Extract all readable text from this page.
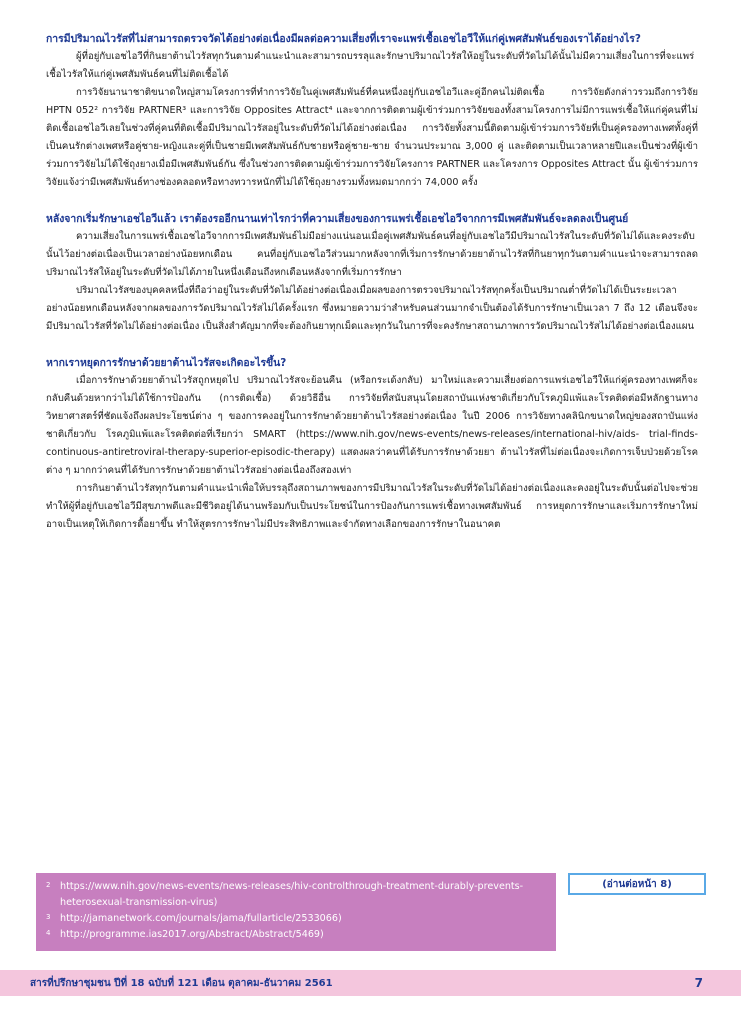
การมีปริมาณไวรัสที่ไม่สามารถตรวจวัดได้อย่างต่อเนื่องมีผลต่อความเสี่ยงที่เราจะแพร่เชื้อเอชไอวีให้แก่คู่เพศสัมพันธ์ของเราได้อย่างไร?

ผู้ที่อยู่กับเอชไอวีที่กินยาต้านไวรัสทุกวันตามคำแนะนำและสามารถบรรลุและรักษาปริมาณไวรัสให้อยู่ในระดับที่วัดไม่ได้นั้นไม่มีความเสี่ยงในการที่จะแพร่เชื้อไวรัสให้แก่คู่เพศสัมพันธ์คนที่ไม่ติดเชื้อได้

การวิจัยนานาชาติขนาดใหญ่สามโครงการที่ทำการวิจัยในคู่เพศสัมพันธ์ที่คนหนึ่งอยู่กับเอชไอวีและคู่อีกคนไม่ติดเชื้อ การวิจัยดังกล่าวรวมถึงการวิจัย HPTN 052² การวิจัย PARTNER³ และการวิจัย Opposites Attract⁴ และจากการติดตามผู้เข้าร่วมการวิจัยของทั้งสามโครงการไม่มีการแพร่เชื้อให้แก่คู่คนที่ไม่ติดเชื้อเอชไอวีเลยในช่วงที่คู่คนที่ติดเชื้อมีปริมาณไวรัสอยู่ในระดับที่วัดไม่ได้อย่างต่อเนื่อง การวิจัยทั้งสามนี้ติดตามผู้เข้าร่วมการวิจัยที่เป็นคู่ครองทางเพศทั้งคู่ที่เป็นคนรักต่างเพศหรือคู่ชาย-หญิงและคู่ที่เป็นชายมีเพศสัมพันธ์กับชายหรือคู่ชาย-ชาย จำนวนประมาณ 3,000 คู่ และติดตามเป็นเวลาหลายปีและเป็นช่วงที่ผู้เข้าร่วมการวิจัยไม่ได้ใช้ถุงยางเมื่อมีเพศสัมพันธ์กัน ซึ่งในช่วงการติดตามผู้เข้าร่วมการวิจัยโครงการ PARTNER และโครงการ Opposites Attract นั้น ผู้เข้าร่วมการวิจัยแจ้งว่ามีเพศสัมพันธ์ทางช่องคลอดหรือทางทวารหนักที่ไม่ได้ใช้ถุงยางรวมทั้งหมดมากกว่า 74,000 ครั้ง

หลังจากเริ่มรักษาเอชไอวีแล้ว เราต้องรออีกนานเท่าไรกว่าที่ความเสี่ยงของการแพร่เชื้อเอชไอวีจากการมีเพศสัมพันธ์จะลดลงเป็นศูนย์

ความเสี่ยงในการแพร่เชื้อเอชไอวีจากการมีเพศสัมพันธ์ไม่มีอย่างแน่นอนเมื่อคู่เพศสัมพันธ์คนที่อยู่กับเอชไอวีมีปริมาณไวรัสในระดับที่วัดไม่ได้และคงระดับนั้นไว้อย่างต่อเนื่องเป็นเวลาอย่างน้อยหกเดือน คนที่อยู่กับเอชไอวีส่วนมากหลังจากที่เริ่มการรักษาด้วยยาต้านไวรัสที่กินยาทุกวันตามคำแนะนำจะสามารถลดปริมาณไวรัสให้อยู่ในระดับที่วัดไม่ได้ภายในหนึ่งเดือนถึงหกเดือนหลังจากที่เริ่มการรักษา

ปริมาณไวรัสของบุคคลหนึ่งที่ถือว่าอยู่ในระดับที่วัดไม่ได้อย่างต่อเนื่องเมื่อผลของการตรวจปริมาณไวรัสทุกครั้งเป็นปริมาณต่ำที่วัดไม่ได้เป็นระยะเวลาอย่างน้อยหกเดือนหลังจากผลของการวัดปริมาณไวรัสไม่ได้ครั้งแรก ซึ่งหมายความว่าสำหรับคนส่วนมากจำเป็นต้องได้รับการรักษาเป็นเวลา 7 ถึง 12 เดือนจึงจะมีปริมาณไวรัสที่วัดไม่ได้อย่างต่อเนื่อง เป็นสิ่งสำคัญมากที่จะต้องกินยาทุกเม็ดและทุกวันในการที่จะคงรักษาสถานภาพการวัดปริมาณไวรัสไม่ได้อย่างต่อเนื่องแผน

หากเราหยุดการรักษาด้วยยาต้านไวรัสจะเกิดอะไรขึ้น?

เมื่อการรักษาด้วยยาต้านไวรัสถูกหยุดไป ปริมาณไวรัสจะย้อนคืน (หรือกระเด้งกลับ) มาใหม่และความเสี่ยงต่อการแพร่เอชไอวีให้แก่คู่ครองทางเพศก็จะกลับคืนด้วยหากว่าไม่ได้ใช้การป้องกัน (การติดเชื้อ) ด้วยวิธีอื่น การวิจัยที่สนับสนุนโดยสถาบันแห่งชาติเกี่ยวกับโรคภูมิแพ้และโรคติดต่อมีหลักฐานทางวิทยาศาสตร์ที่ชัดแจ้งถึงผลประโยชน์ต่าง ๆ ของการคงอยู่ในการรักษาด้วยยาต้านไวรัสอย่างต่อเนื่อง ในปี 2006 การวิจัยทางคลินิกขนาดใหญ่ของสถาบันแห่งชาติเกี่ยวกับ โรคภูมิแพ้และโรคติดต่อที่เรียกว่า SMART (https://www.nih.gov/news-events/news-releases/international-hiv/aids- trial-finds-continuous-antiretroviral-therapy-superior-episodic-therapy) แสดงผลว่าคนที่ได้รับการรักษาด้วยยา ต้านไวรัสที่ไม่ต่อเนื่องจะเกิดการเจ็บป่วยด้วยโรคต่าง ๆ มากกว่าคนที่ได้รับการรักษาด้วยยาต้านไวรัสอย่างต่อเนื่องถึงสองเท่า

การกินยาต้านไวรัสทุกวันตามคำแนะนำเพื่อให้บรรลุถึงสถานภาพของการมีปริมาณไวรัสในระดับที่วัดไม่ได้อย่างต่อเนื่องและคงอยู่ในระดับนั้นต่อไปจะช่วยทำให้ผู้ที่อยู่กับเอชไอวีมีสุขภาพดีและมีชีวิตอยู่ได้นานพร้อมกับเป็นประโยชน์ในการป้องกันการแพร่เชื้อทางเพศสัมพันธ์ การหยุดการรักษาและเริ่มการรักษาใหม่อาจเป็นเหตุให้เกิดการดื้อยาขึ้น ทำให้สูตรการรักษาไม่มีประสิทธิภาพและจำกัดทางเลือกของการรักษาในอนาคต

2 https://www.nih.gov/news-events/news-releases/hiv-controlthrough-treatment-durably-prevents-heterosexual-transmission-virus)
3 http://jamanetwork.com/journals/jama/fullarticle/2533066)
4 http://programme.ias2017.org/Abstract/Abstract/5469)
(อ่านต่อหน้า 8)
สารที่ปรึกษาชุมชน ปีที่ 18 ฉบับที่ 121 เดือน ตุลาคม-ธันวาคม 2561	7
